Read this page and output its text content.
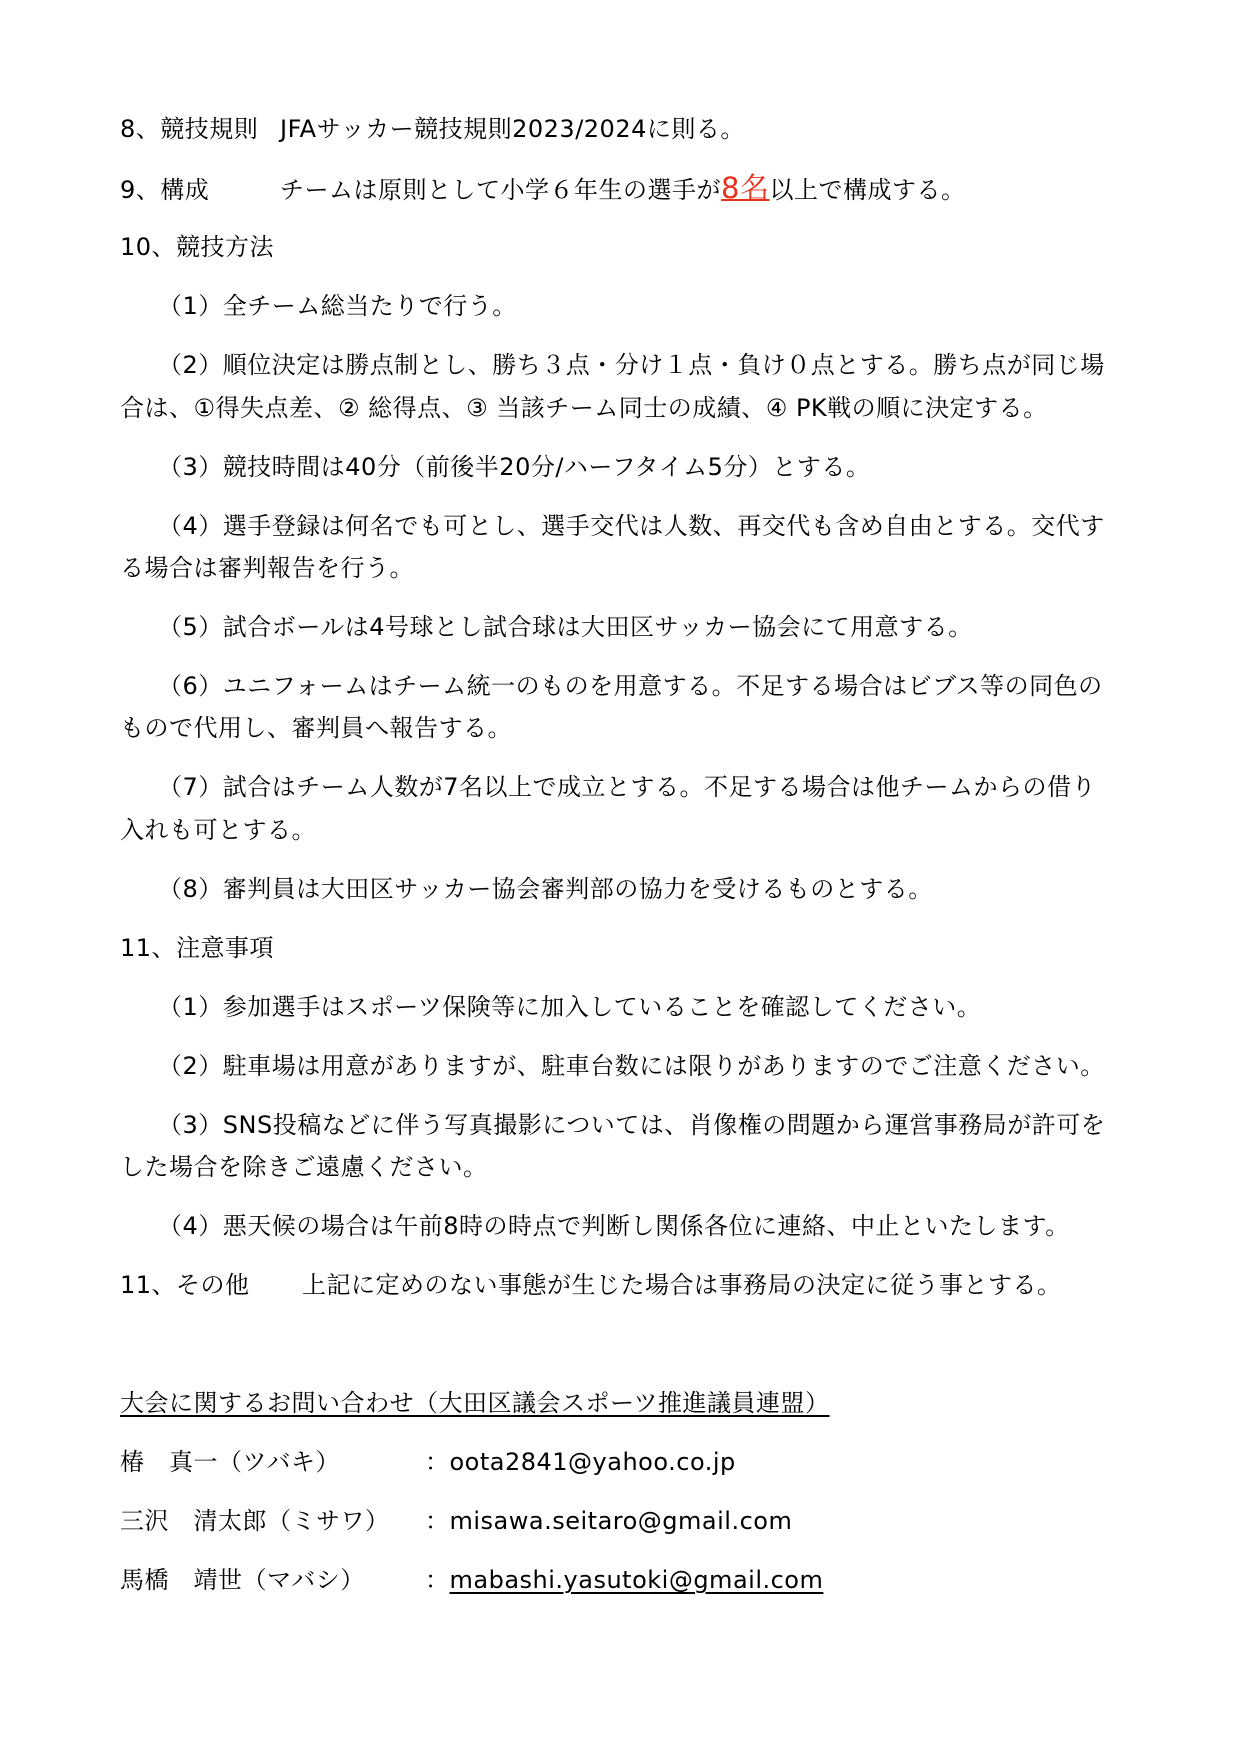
8、競技規則 JFAサッカー競技規則2023/2024に則る。
9、構成	チームは原則として小学６年生の選手が8名以上で構成する。
10、競技方法
（1）全チーム総当たりで行う。
（2）順位決定は勝点制とし、勝ち３点・分け１点・負け０点とする。勝ち点が同じ場
合は、①得失点差、② 総得点、③ 当該チーム同士の成績、④ PK戦の順に決定する。
（3）競技時間は40分（前後半20分/ハーフタイム5分）とする。
（4）選手登録は何名でも可とし、選手交代は人数、再交代も含め自由とする。交代す
る場合は審判報告を行う。
（5）試合ボールは4号球とし試合球は大田区サッカー協会にて用意する。
（6）ユニフォームはチーム統一のものを用意する。不足する場合はビブス等の同色の
もので代用し、審判員へ報告する。
（7）試合はチーム人数が7名以上で成立とする。不足する場合は他チームからの借り
入れも可とする。
（8）審判員は大田区サッカー協会審判部の協力を受けるものとする。
11、注意事項
（1）参加選手はスポーツ保険等に加入していることを確認してください。
（2）駐車場は用意がありますが、駐車台数には限りがありますのでご注意ください。
（3）SNS投稿などに伴う写真撮影については、肖像権の問題から運営事務局が許可を
した場合を除きご遠慮ください。
（4）悪天候の場合は午前8時の時点で判断し関係各位に連絡、中止といたします。
11、その他 上記に定めのない事態が生じた場合は事務局の決定に従う事とする。
大会に関するお問い合わせ（大田区議会スポーツ推進議員連盟）
椿　真一（ツバキ）	：oota2841@yahoo.co.jp
三沢　清太郎（ミサワ） ：misawa.seitaro@gmail.com
馬橋　靖世（マバシ）	：mabashi.yasutoki@gmail.com
